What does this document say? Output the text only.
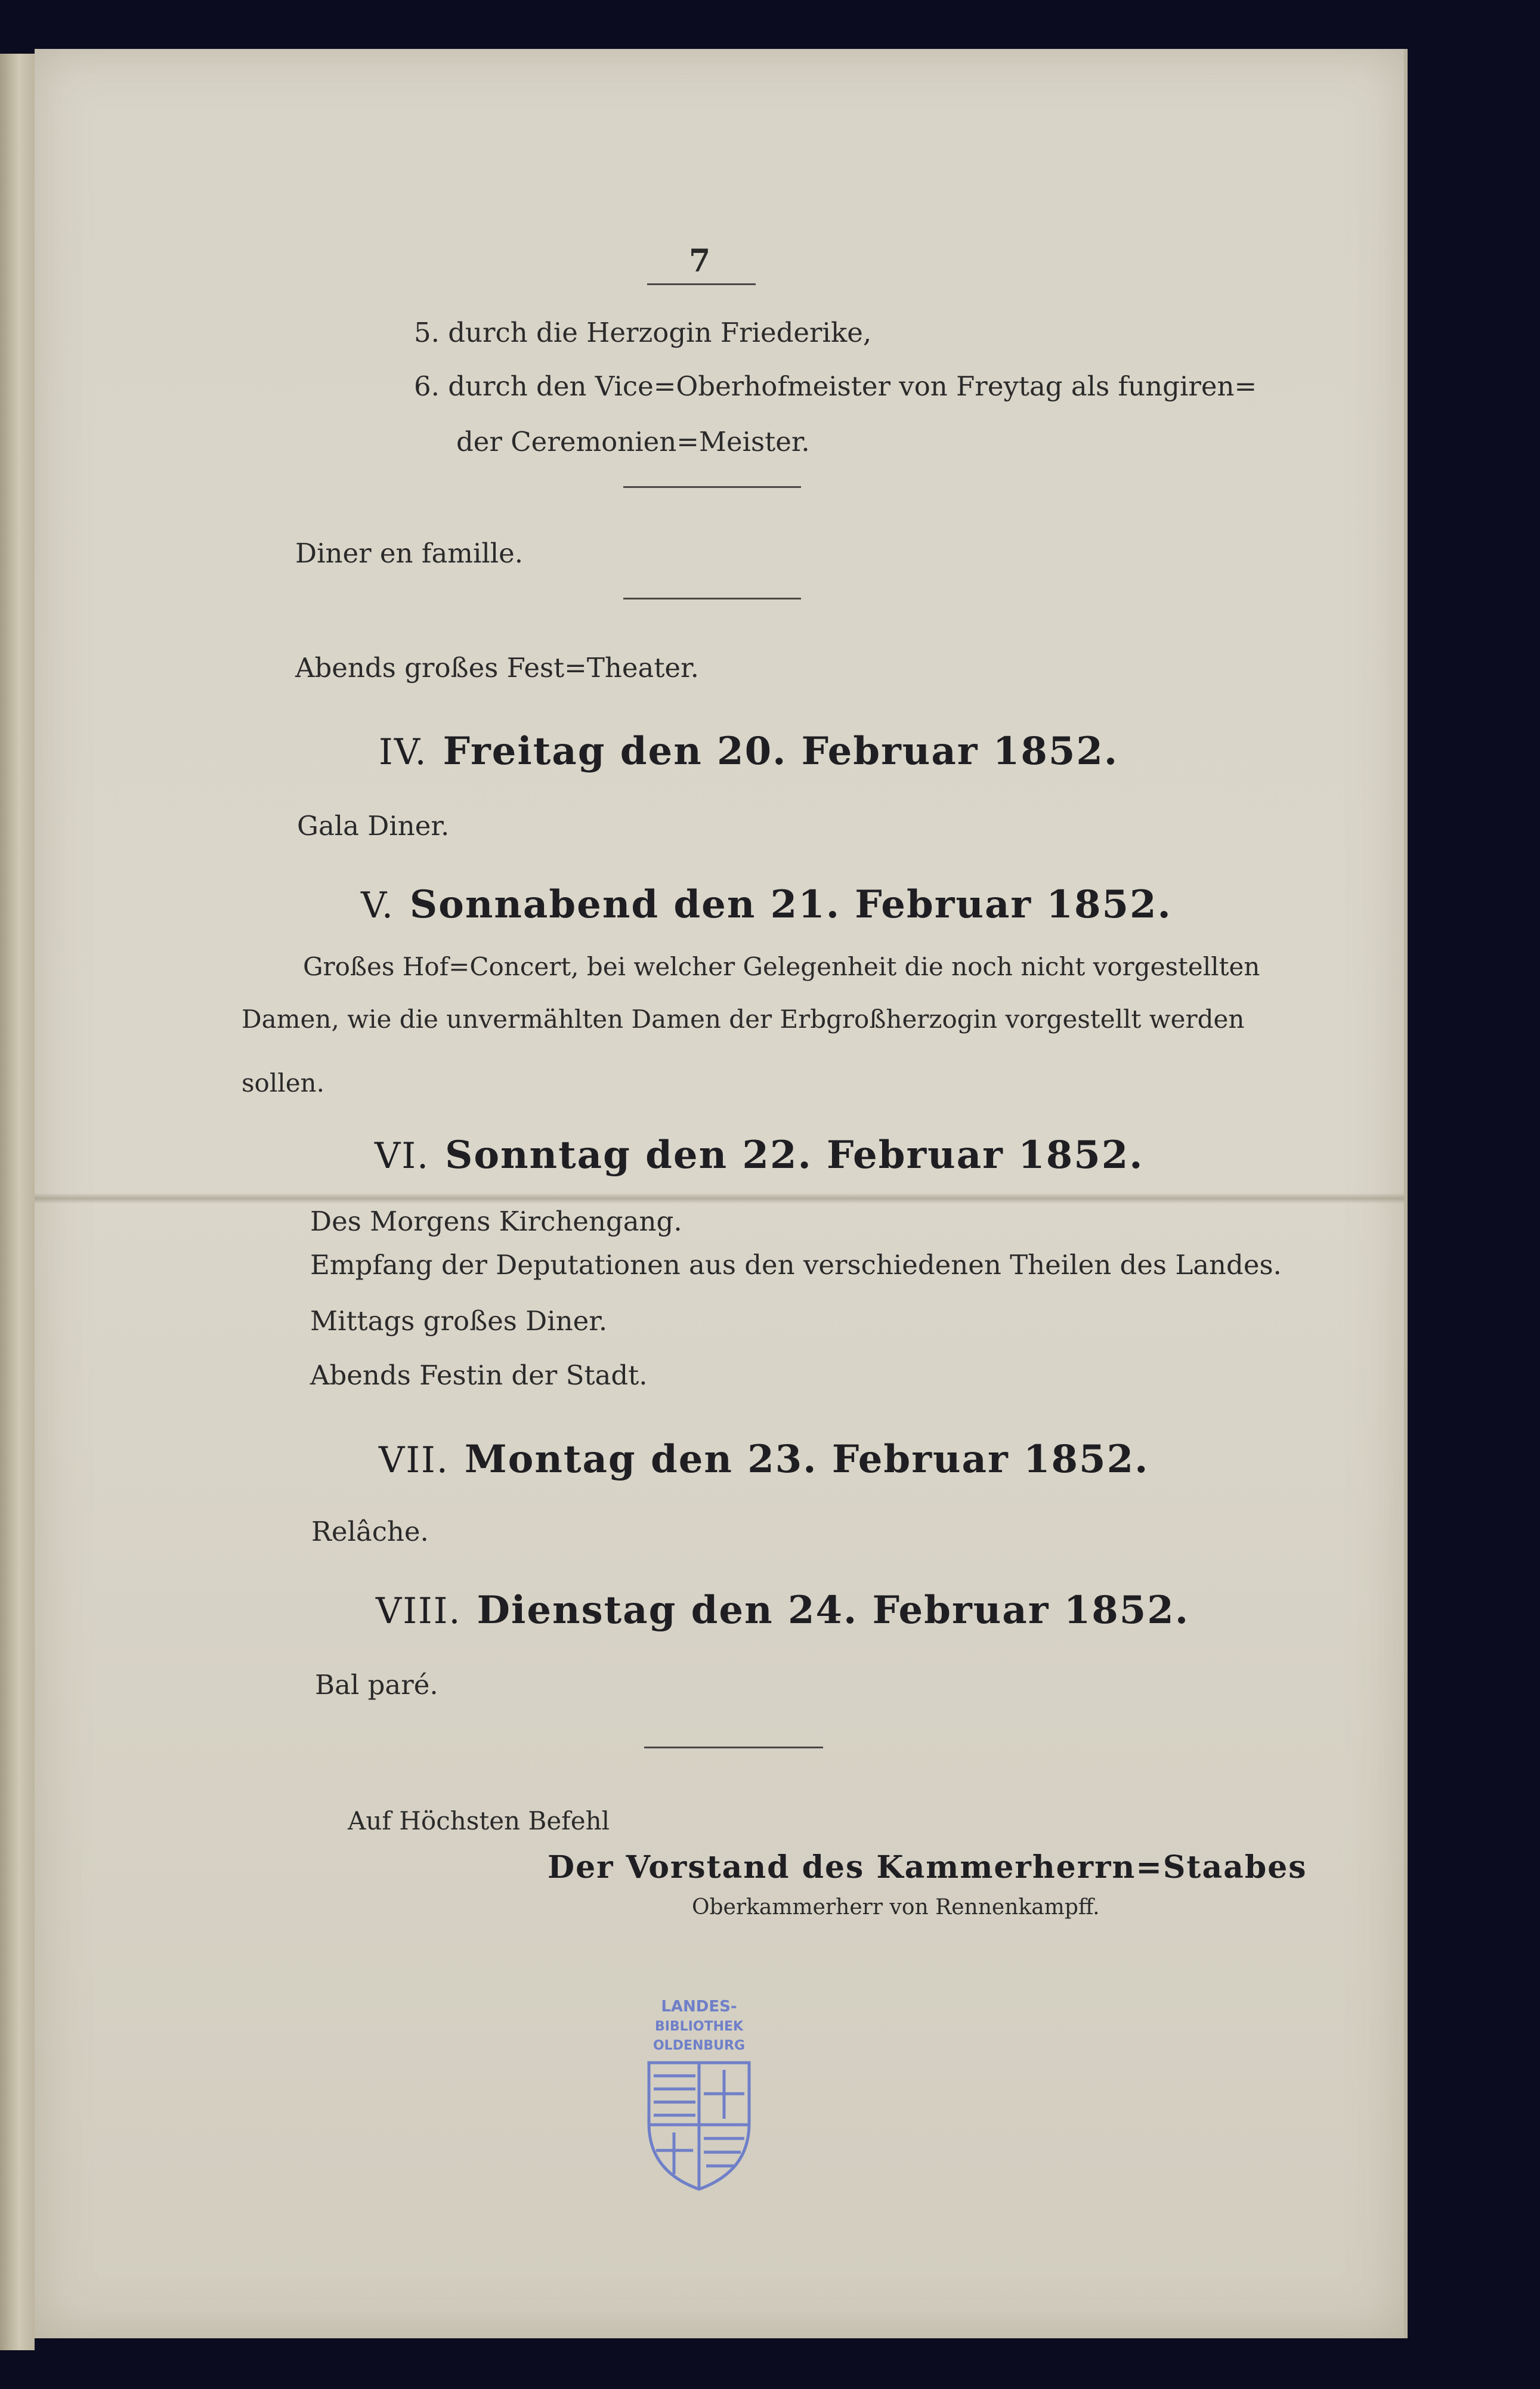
7
5. durch die Herzogin Friederike,
6. durch den Vice=Oberhofmeister von Freytag als fungiren=
der Ceremonien=Meister.
Diner en famille.
Abends großes Fest=Theater.
IV. Freitag den 20. Februar 1852.
Gala Diner.
V. Sonnabend den 21. Februar 1852.
Großes Hof=Concert, bei welcher Gelegenheit die noch nicht vorgestellten
Damen, wie die unvermählten Damen der Erbgroßherzogin vorgestellt werden
sollen.
VI. Sonntag den 22. Februar 1852.
Des Morgens Kirchengang.
Empfang der Deputationen aus den verschiedenen Theilen des Landes.
Mittags großes Diner.
Abends Festin der Stadt.
VII. Montag den 23. Februar 1852.
Relâche.
VIII. Dienstag den 24. Februar 1852.
Bal paré.
Auf Höchsten Befehl
Der Vorstand des Kammerherrn=Staabes
Oberkammerherr von Rennenkampff.
LANDES-
BIBLIOTHEK
OLDENBURG
